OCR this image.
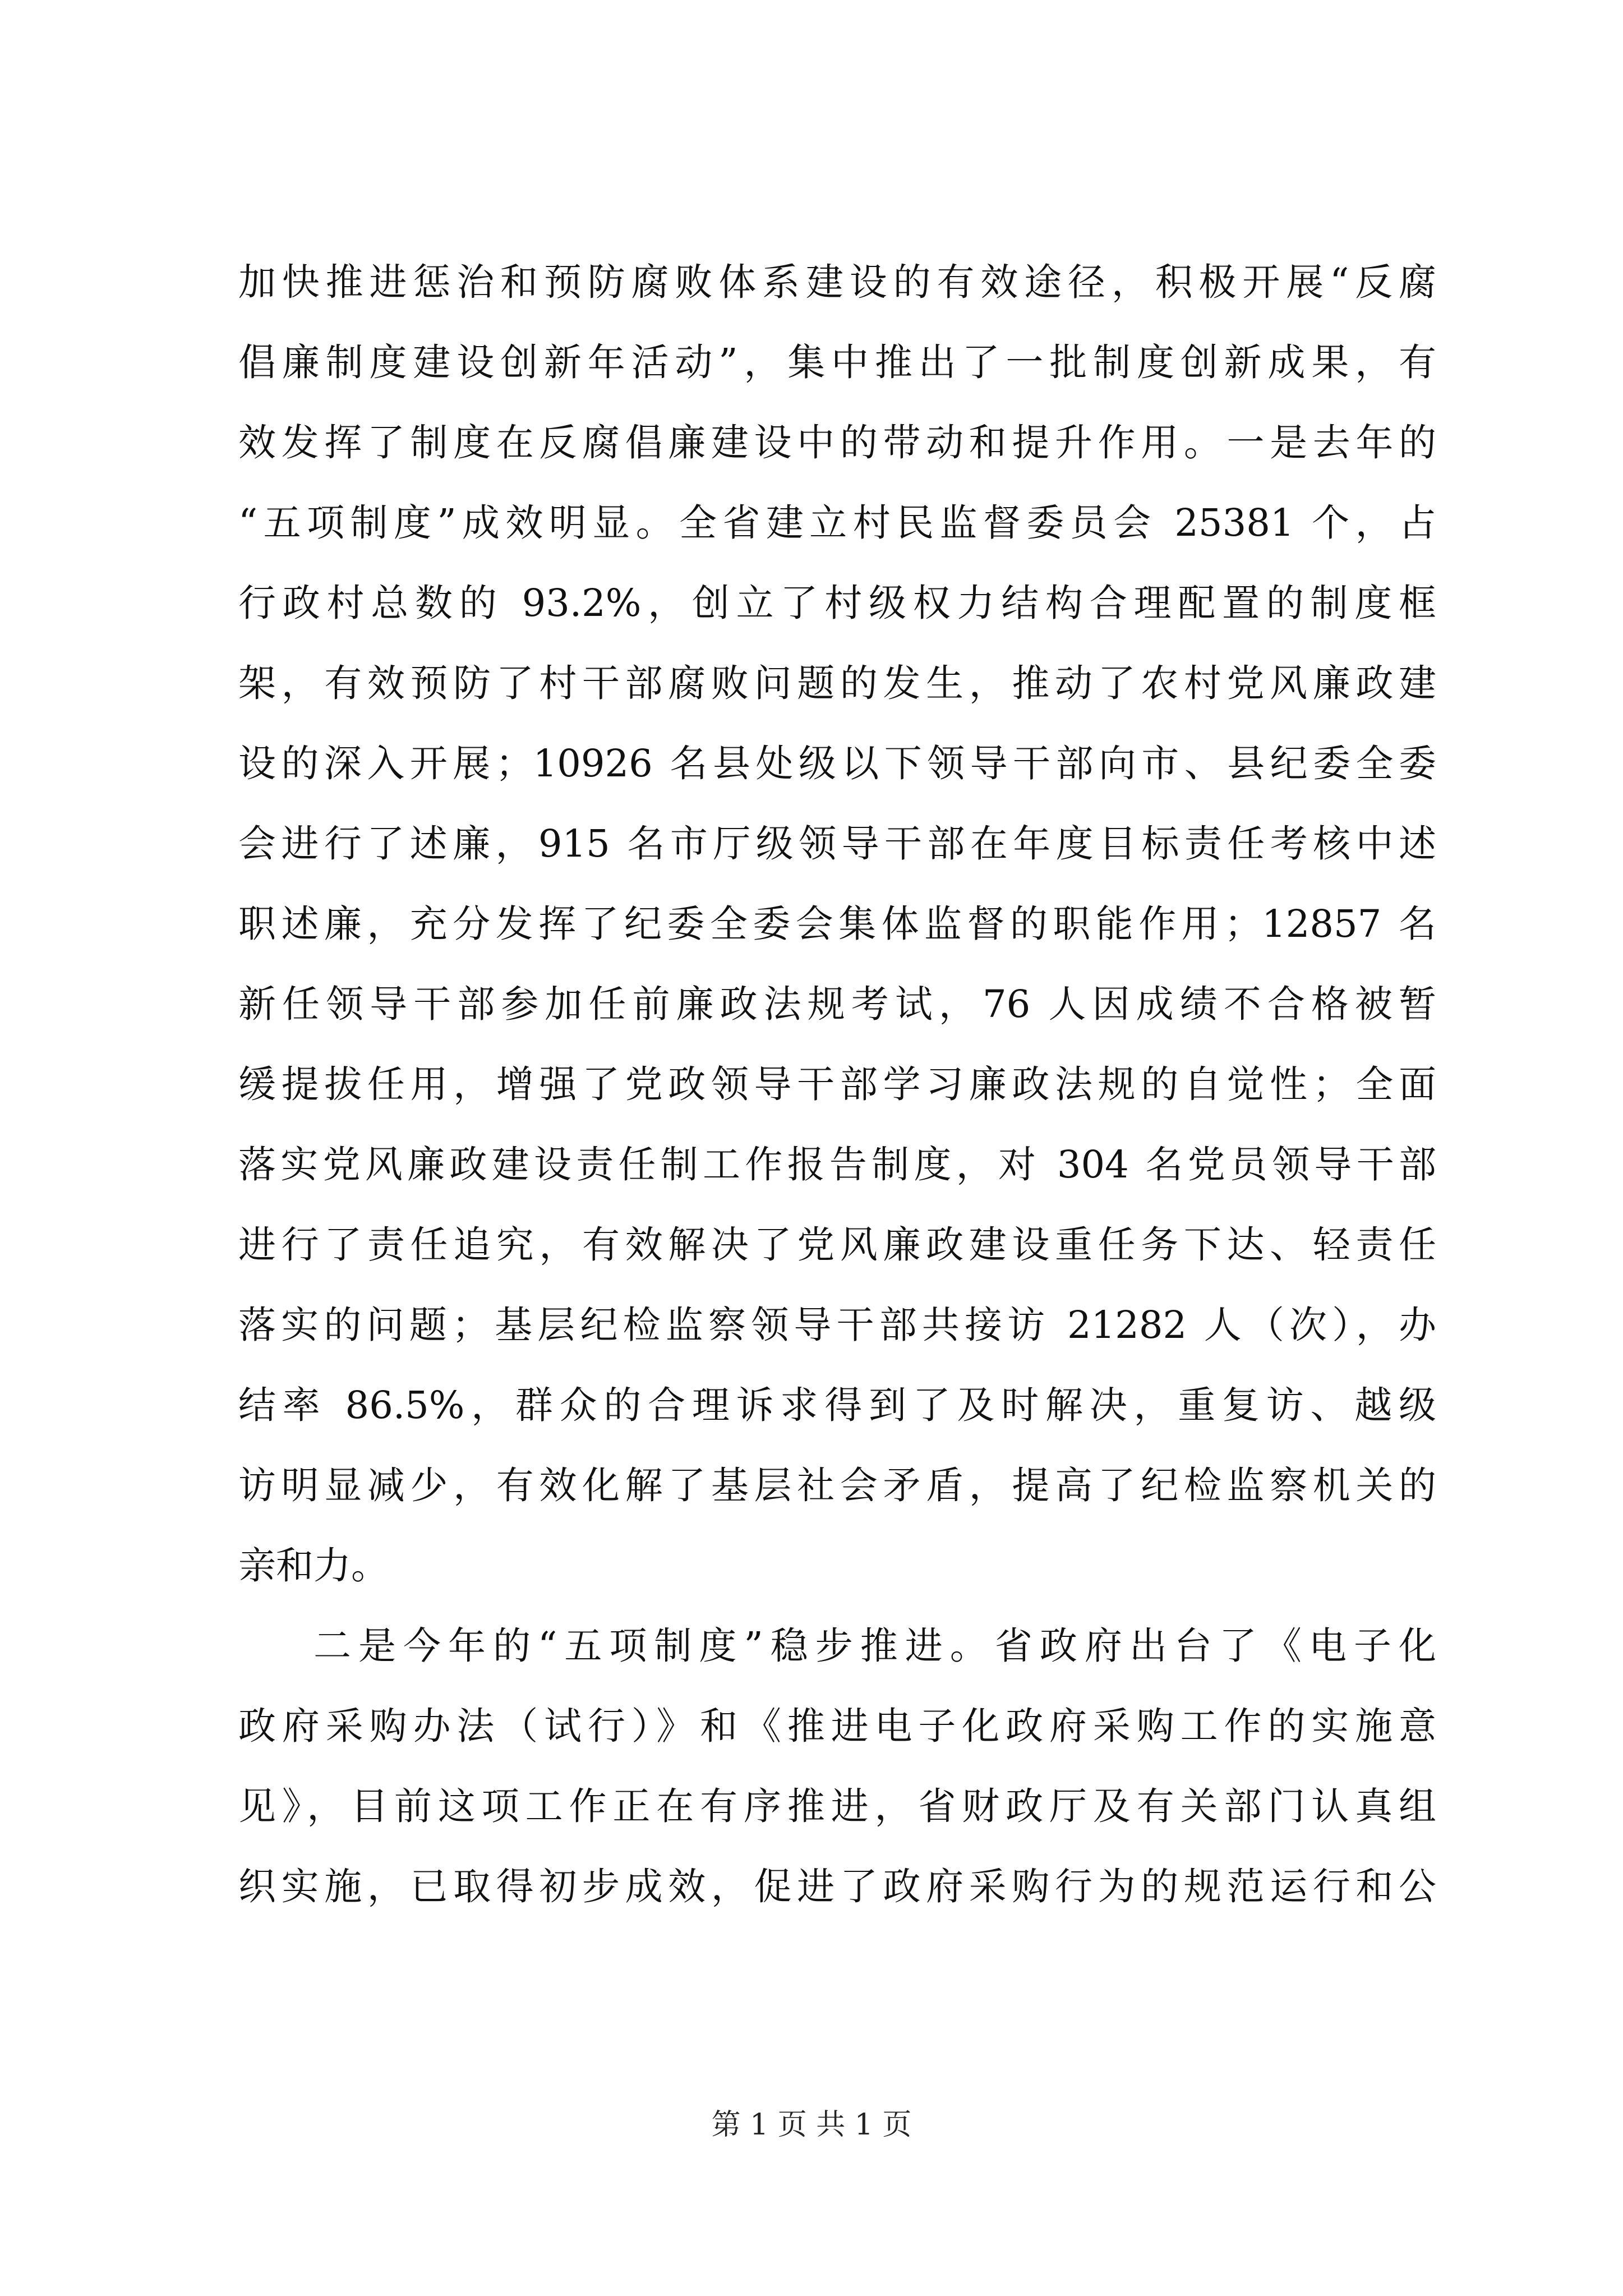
加快推进惩治和预防腐败体系建设的有效途径，积极开展“反腐
倡廉制度建设创新年活动”，集中推出了一批制度创新成果，有
效发挥了制度在反腐倡廉建设中的带动和提升作用。一是去年的
“五项制度”成效明显。全省建立村民监督委员会 25381 个，占
行政村总数的 93.2%，创立了村级权力结构合理配置的制度框
架，有效预防了村干部腐败问题的发生，推动了农村党风廉政建
设的深入开展；10926 名县处级以下领导干部向市、县纪委全委
会进行了述廉，915 名市厅级领导干部在年度目标责任考核中述
职述廉，充分发挥了纪委全委会集体监督的职能作用；12857 名
新任领导干部参加任前廉政法规考试，76 人因成绩不合格被暂
缓提拔任用，增强了党政领导干部学习廉政法规的自觉性；全面
落实党风廉政建设责任制工作报告制度，对 304 名党员领导干部
进行了责任追究，有效解决了党风廉政建设重任务下达、轻责任
落实的问题；基层纪检监察领导干部共接访 21282 人（次），办
结率 86.5%，群众的合理诉求得到了及时解决，重复访、越级
访明显减少，有效化解了基层社会矛盾，提高了纪检监察机关的
亲和力。
二是今年的“五项制度”稳步推进。省政府出台了《电子化
政府采购办法（试行）》和《推进电子化政府采购工作的实施意
见》，目前这项工作正在有序推进，省财政厅及有关部门认真组
织实施，已取得初步成效，促进了政府采购行为的规范运行和公
第 1 页 共 1 页
